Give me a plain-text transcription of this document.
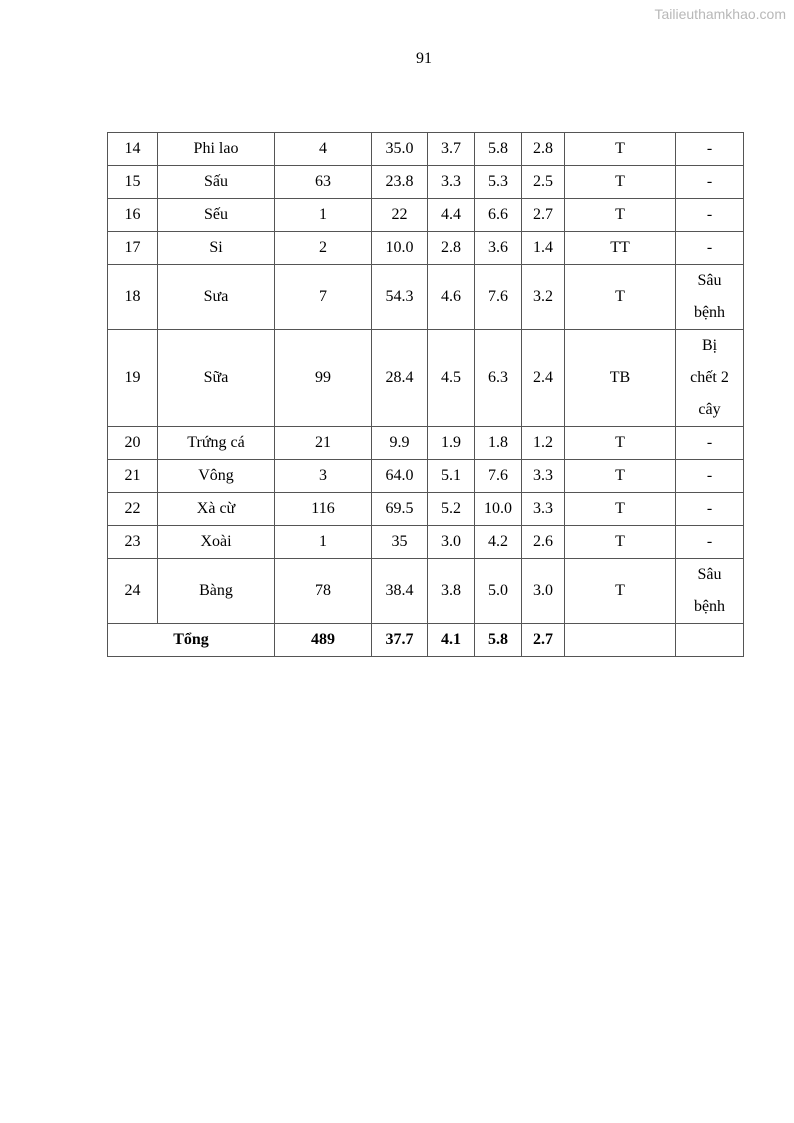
Tailieuthamkhao.com
91
14	Phi lao	4	35.0	3.7	5.8	2.8	T	-
15	Sấu	63	23.8	3.3	5.3	2.5	T	-
16	Sếu	1	22	4.4	6.6	2.7	T	-
17	Si	2	10.0	2.8	3.6	1.4	TT	-
18	Sưa	7	54.3	4.6	7.6	3.2	T	Sâu
bệnh
19	Sữa	99	28.4	4.5	6.3	2.4	TB	Bị
chết 2
cây
20	Trứng cá	21	9.9	1.9	1.8	1.2	T	-
21	Vông	3	64.0	5.1	7.6	3.3	T	-
22	Xà cừ	116	69.5	5.2	10.0	3.3	T	-
23	Xoài	1	35	3.0	4.2	2.6	T	-
24	Bàng	78	38.4	3.8	5.0	3.0	T	Sâu
bệnh
Tổng		489	37.7	4.1	5.8	2.7		
